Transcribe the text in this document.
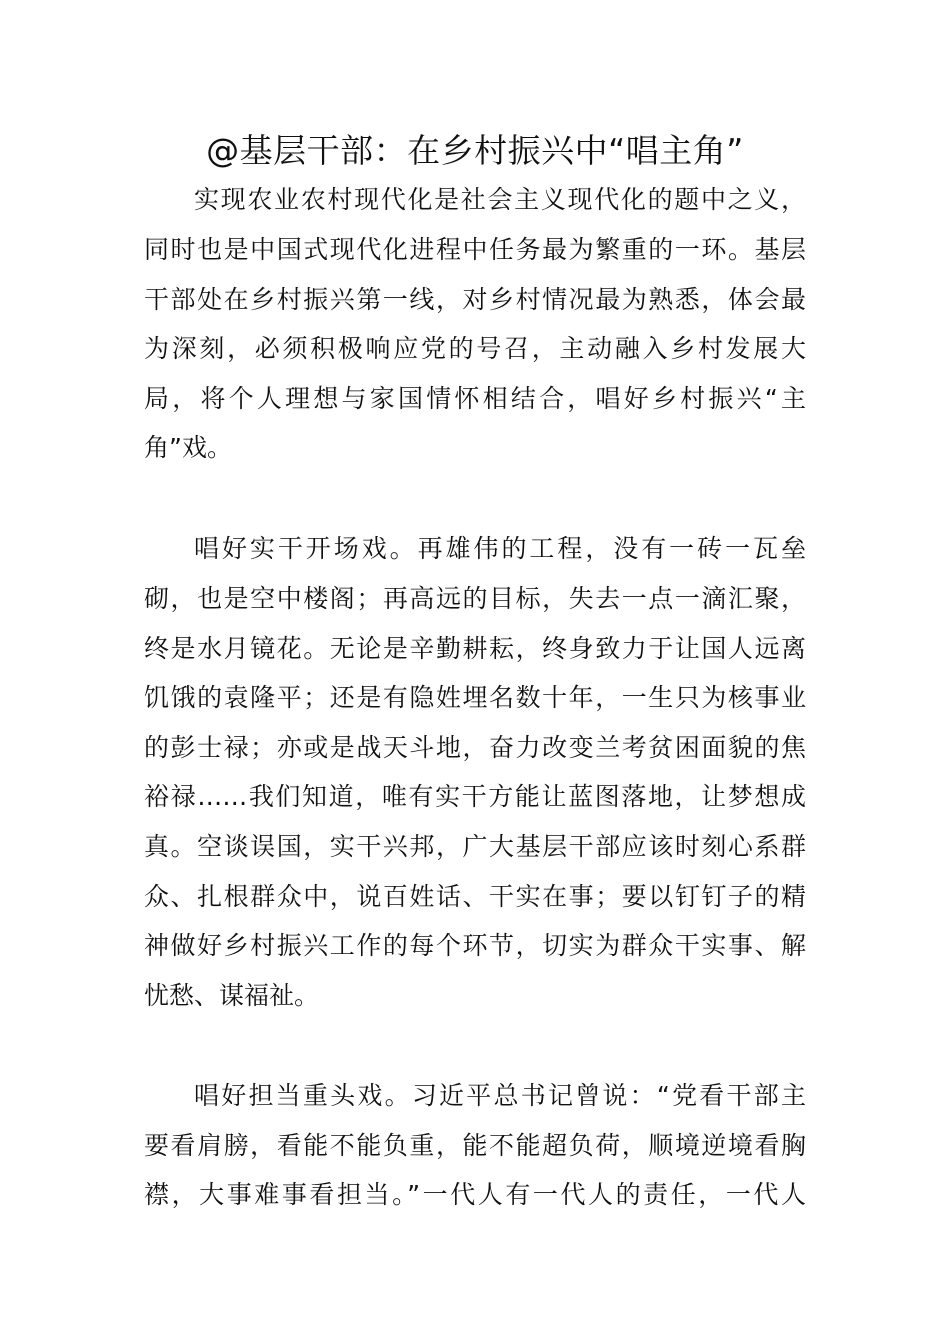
@基层干部：在乡村振兴中“唱主角”
实现农业农村现代化是社会主义现代化的题中之义，
同时也是中国式现代化进程中任务最为繁重的一环。基层
干部处在乡村振兴第一线，对乡村情况最为熟悉，体会最
为深刻，必须积极响应党的号召，主动融入乡村发展大
局，将个人理想与家国情怀相结合，唱好乡村振兴“主
角”戏。
唱好实干开场戏。再雄伟的工程，没有一砖一瓦垒
砌，也是空中楼阁；再高远的目标，失去一点一滴汇聚，
终是水月镜花。无论是辛勤耕耘，终身致力于让国人远离
饥饿的袁隆平；还是有隐姓埋名数十年，一生只为核事业
的彭士禄；亦或是战天斗地，奋力改变兰考贫困面貌的焦
裕禄……我们知道，唯有实干方能让蓝图落地，让梦想成
真。空谈误国，实干兴邦，广大基层干部应该时刻心系群
众、扎根群众中，说百姓话、干实在事；要以钉钉子的精
神做好乡村振兴工作的每个环节，切实为群众干实事、解
忧愁、谋福祉。
唱好担当重头戏。习近平总书记曾说：“党看干部主
要看肩膀，看能不能负重，能不能超负荷，顺境逆境看胸
襟，大事难事看担当。”一代人有一代人的责任，一代人
